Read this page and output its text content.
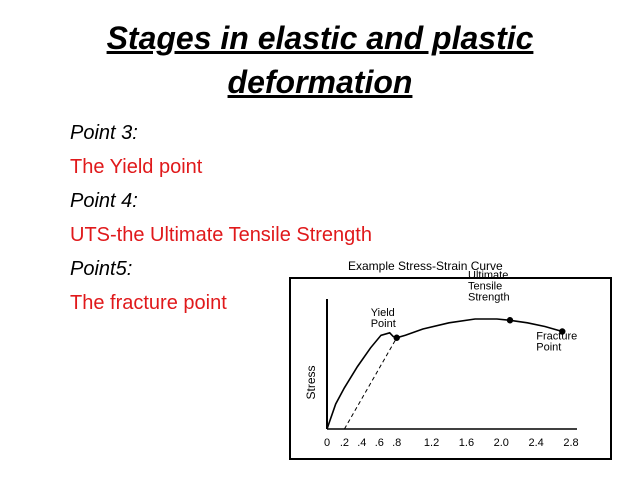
Stages in elastic and plastic
deformation
Point 3:
The Yield point
Point 4:
UTS-the Ultimate Tensile Strength
Point5:
The fracture point
Example Stress-Strain Curve
Stress
0 .2 .4 .6 .8 1.2 1.6 2.0 2.4 2.8
Yield Point
Ultimate Tensile Strength
Fracture Point
